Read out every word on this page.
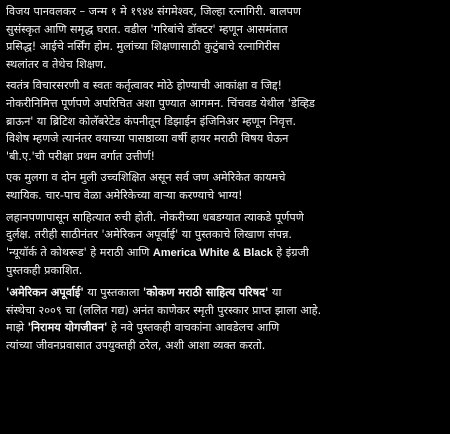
विजय पानवलकर – जन्म १ मे १९४४ संगमेश्वर, जिल्हा रत्नागिरी. बालपण
सुसंस्कृत आणि समृद्ध घरात. वडील 'गरिबांचे डॉक्टर' म्हणून आसमंतात
प्रसिद्ध! आईचे नर्सिंग होम. मुलांच्या शिक्षणासाठी कुटुंबाचे रत्नागिरीस
स्थलांतर व तेथेच शिक्षण.

स्वतंत्र विचारसरणी व स्वतः कर्तृत्वावर मोठे होण्याची आकांक्षा व जिद्द!
नोकरीनिमित्त पूर्णपणे अपरिचित अशा पुण्यात आगमन. चिंचवड येथील 'डेव्हिड
ब्राऊन' या ब्रिटिश कोलॅबरेटेड कंपनीतून डिझाईन इंजिनिअर म्हणून निवृत्त.
विशेष म्हणजे त्यानंतर वयाच्या पासष्ठाव्या वर्षी हायर मराठी विषय घेऊन
'बी.ए.'ची परीक्षा प्रथम वर्गात उत्तीर्ण!

एक मुलगा व दोन मुली उच्चशिक्षित असून सर्व जण अमेरिकेत कायमचे
स्थायिक. चार-पाच वेळा अमेरिकेच्या वाऱ्या करण्याचे भाग्य!

लहानपणापासून साहित्यात रुची होती. नोकरीच्या धबडग्यात त्याकडे पूर्णपणे
दुर्लक्ष. तरीही साठीनंतर 'अमेरिकन अपूर्वाई' या पुस्तकाचे लिखाण संपन्न.
'न्यूयॉर्क ते कोथरूड' हे मराठी आणि America White & Black हे इंग्रजी
पुस्तकही प्रकाशित.

'अमेरिकन अपूर्वाई' या पुस्तकाला 'कोकण मराठी साहित्य परिषद' या
संस्थेचा २००९ चा (ललित गद्य) अनंत काणेकर स्मृती पुरस्कार प्राप्त झाला आहे.
माझे 'निरामय योगजीवन' हे नवे पुस्तकही वाचकांना आवडेलच आणि
त्यांच्या जीवनप्रवासात उपयुक्तही ठरेल, अशी आशा व्यक्त करतो.
